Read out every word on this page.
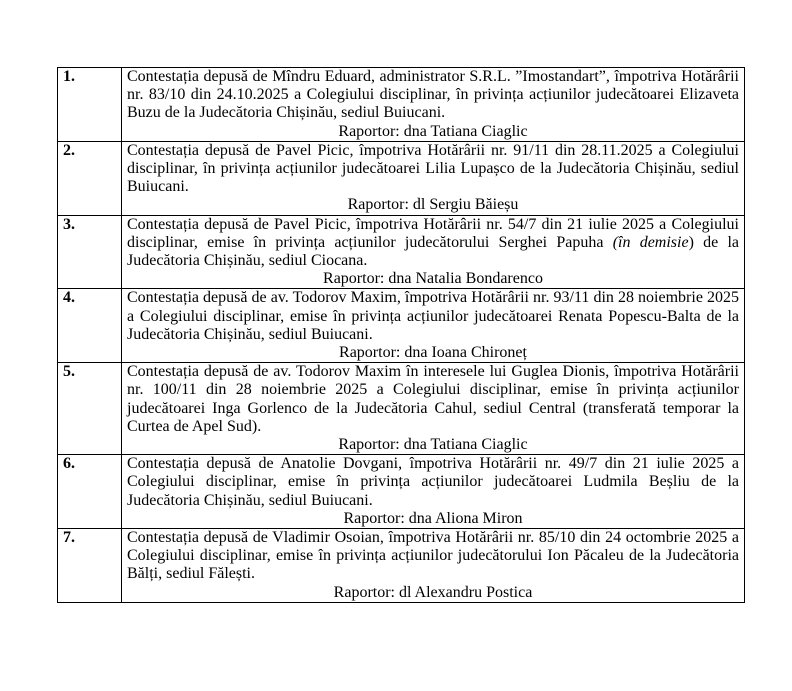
1.	Contestația depusă de Mîndru Eduard, administrator S.R.L. ”Imostandart”, împotriva Hotărârii nr. 83/10 din 24.10.2025 a Colegiului disciplinar, în privința acțiunilor judecătoarei Elizaveta Buzu de la Judecătoria Chișinău, sediul Buiucani.
Raportor: dna Tatiana Ciaglic

2.	Contestația depusă de Pavel Picic, împotriva Hotărârii nr. 91/11 din 28.11.2025 a Colegiului disciplinar, în privința acțiunilor judecătoarei Lilia Lupașco de la Judecătoria Chișinău, sediul Buiucani.
Raportor: dl Sergiu Băieșu

3.	Contestația depusă de Pavel Picic, împotriva Hotărârii nr. 54/7 din 21 iulie 2025 a Colegiului disciplinar, emise în privința acțiunilor judecătorului Serghei Papuha (în demisie) de la Judecătoria Chișinău, sediul Ciocana.
Raportor: dna Natalia Bondarenco

4.	Contestația depusă de av. Todorov Maxim, împotriva Hotărârii nr. 93/11 din 28 noiembrie 2025 a Colegiului disciplinar, emise în privința acțiunilor judecătoarei Renata Popescu-Balta de la Judecătoria Chișinău, sediul Buiucani.
Raportor: dna Ioana Chironeț

5.	Contestația depusă de av. Todorov Maxim în interesele lui Guglea Dionis, împotriva Hotărârii nr. 100/11 din 28 noiembrie 2025 a Colegiului disciplinar, emise în privința acțiunilor judecătoarei Inga Gorlenco de la Judecătoria Cahul, sediul Central (transferată temporar la Curtea de Apel Sud).
Raportor: dna Tatiana Ciaglic

6.	Contestația depusă de Anatolie Dovgani, împotriva Hotărârii nr. 49/7 din 21 iulie 2025 a Colegiului disciplinar, emise în privința acțiunilor judecătoarei Ludmila Beșliu de la Judecătoria Chișinău, sediul Buiucani.
Raportor: dna Aliona Miron

7.	Contestația depusă de Vladimir Osoian, împotriva Hotărârii nr. 85/10 din 24 octombrie 2025 a Colegiului disciplinar, emise în privința acțiunilor judecătorului Ion Păcaleu de la Judecătoria Bălți, sediul Fălești.
Raportor: dl Alexandru Postica
